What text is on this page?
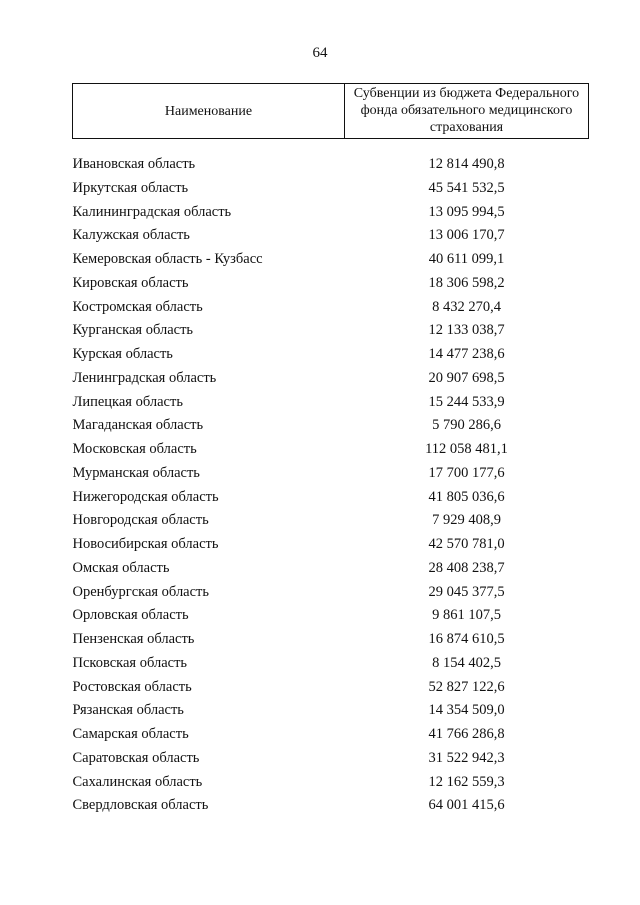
64
Наименование	Субвенции из бюджета Федерального фонда обязательного медицинского страхования

Ивановская область	12 814 490,8
Иркутская область	45 541 532,5
Калининградская область	13 095 994,5
Калужская область	13 006 170,7
Кемеровская область - Кузбасс	40 611 099,1
Кировская область	18 306 598,2
Костромская область	8 432 270,4
Курганская область	12 133 038,7
Курская область	14 477 238,6
Ленинградская область	20 907 698,5
Липецкая область	15 244 533,9
Магаданская область	5 790 286,6
Московская область	112 058 481,1
Мурманская область	17 700 177,6
Нижегородская область	41 805 036,6
Новгородская область	7 929 408,9
Новосибирская область	42 570 781,0
Омская область	28 408 238,7
Оренбургская область	29 045 377,5
Орловская область	9 861 107,5
Пензенская область	16 874 610,5
Псковская область	8 154 402,5
Ростовская область	52 827 122,6
Рязанская область	14 354 509,0
Самарская область	41 766 286,8
Саратовская область	31 522 942,3
Сахалинская область	12 162 559,3
Свердловская область	64 001 415,6
